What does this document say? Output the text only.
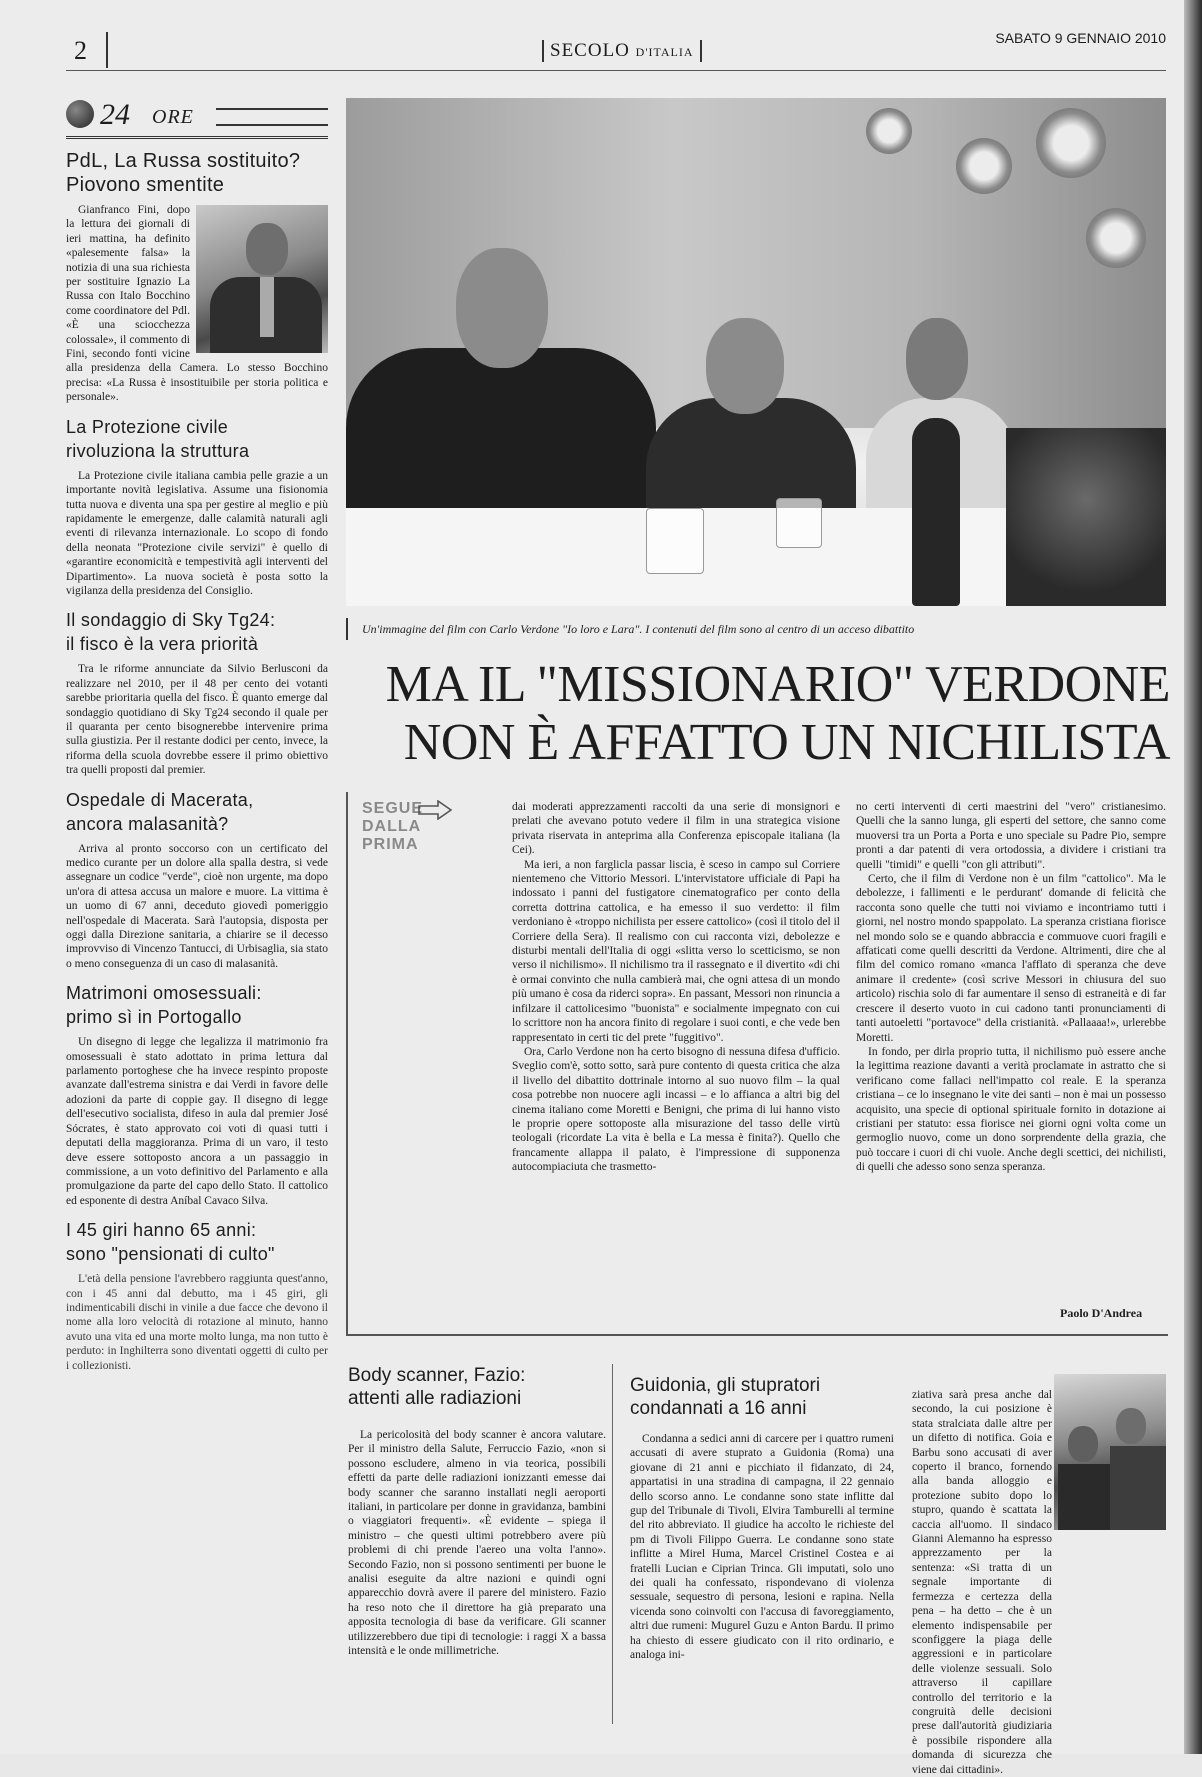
2	SECOLO D'ITALIA
SABATO 9 GENNAIO 2010
24 ORE
PdL, La Russa sostituito?
Piovono smentite

Gianfranco Fini, dopo la lettura dei giornali di ieri mattina, ha definito «palesemente falsa» la notizia di una sua richiesta per sostituire Ignazio La Russa con Italo Bocchino come coordinatore del Pdl. «È una sciocchezza colossale», il commento di Fini, secondo fonti vicine alla presidenza della Camera. Lo stesso Bocchino precisa: «La Russa è insostituibile per storia politica e personale».

La Protezione civile
rivoluziona la struttura

La Protezione civile italiana cambia pelle grazie a un importante novità legislativa. Assume una fisionomia tutta nuova e diventa una spa per gestire al meglio e più rapidamente le emergenze, dalle calamità naturali agli eventi di rilevanza internazionale. Lo scopo di fondo della neonata "Protezione civile servizi" è quello di «garantire economicità e tempestività agli interventi del Dipartimento». La nuova società è posta sotto la vigilanza della presidenza del Consiglio.

Il sondaggio di Sky Tg24:
il fisco è la vera priorità

Tra le riforme annunciate da Silvio Berlusconi da realizzare nel 2010, per il 48 per cento dei votanti sarebbe prioritaria quella del fisco. È quanto emerge dal sondaggio quotidiano di Sky Tg24 secondo il quale per il quaranta per cento bisognerebbe intervenire prima sulla giustizia. Per il restante dodici per cento, invece, la riforma della scuola dovrebbe essere il primo obiettivo tra quelli proposti dal premier.

Ospedale di Macerata,
ancora malasanità?

Arriva al pronto soccorso con un certificato del medico curante per un dolore alla spalla destra, si vede assegnare un codice "verde", cioè non urgente, ma dopo un'ora di attesa accusa un malore e muore. La vittima è un uomo di 67 anni, deceduto giovedì pomeriggio nell'ospedale di Macerata. Sarà l'autopsia, disposta per oggi dalla Direzione sanitaria, a chiarire se il decesso improvviso di Vincenzo Tantucci, di Urbisaglia, sia stato o meno conseguenza di un caso di malasanità.

Matrimoni omosessuali:
primo sì in Portogallo

Un disegno di legge che legalizza il matrimonio fra omosessuali è stato adottato in prima lettura dal parlamento portoghese che ha invece respinto proposte avanzate dall'estrema sinistra e dai Verdi in favore delle adozioni da parte di coppie gay. Il disegno di legge dell'esecutivo socialista, difeso in aula dal premier José Sócrates, è stato approvato coi voti di quasi tutti i deputati della maggioranza. Prima di un varo, il testo deve essere sottoposto ancora a un passaggio in commissione, a un voto definitivo del Parlamento e alla promulgazione da parte del capo dello Stato. Il cattolico ed esponente di destra Aníbal Cavaco Silva.

I 45 giri hanno 65 anni:
sono "pensionati di culto"

L'età della pensione l'avrebbero raggiunta quest'anno, con i 45 anni dal debutto, ma i 45 giri, gli indimenticabili dischi in vinile a due facce che devono il nome alla loro velocità di rotazione al minuto, hanno avuto una vita ed una morte molto lunga, ma non tutto è perduto: in Inghilterra sono diventati oggetti di culto per i collezionisti.

Un'immagine del film con Carlo Verdone "Io loro e Lara". I contenuti del film sono al centro di un acceso dibattito
MA IL "MISSIONARIO" VERDONE
NON È AFFATTO UN NICHILISTA
SEGUE DALLA PRIMA

dai moderati apprezzamenti raccolti da una serie di monsignori e prelati che avevano potuto vedere il film in una strategica visione privata riservata in anteprima alla Conferenza episcopale italiana (la Cei).

Ma ieri, a non farglicla passar liscia, è sceso in campo sul Corriere nientemeno che Vittorio Messori. L'intervistatore ufficiale di Papi ha indossato i panni del fustigatore cinematografico per conto della corretta dottrina cattolica, e ha emesso il suo verdetto: il film verdoniano è «troppo nichilista per essere cattolico» (così il titolo del il Corriere della Sera). Il realismo con cui racconta vizi, debolezze e disturbi mentali dell'Italia di oggi «slitta verso lo scetticismo, se non verso il nichilismo». Il nichilismo tra il rassegnato e il divertito «di chi è ormai convinto che nulla cambierà mai, che ogni attesa di un mondo più umano è cosa da riderci sopra». En passant, Messori non rinuncia a infilzare il cattolicesimo "buonista" e socialmente impegnato con cui lo scrittore non ha ancora finito di regolare i suoi conti, e che vede ben rappresentato in certi tic del prete "fuggitivo".

Ora, Carlo Verdone non ha certo bisogno di nessuna difesa d'ufficio. Sveglio com'è, sotto sotto, sarà pure contento di questa critica che alza il livello del dibattito dottrinale intorno al suo nuovo film – la qual cosa potrebbe non nuocere agli incassi – e lo affianca a altri big del cinema italiano come Moretti e Benigni, che prima di lui hanno visto le proprie opere sottoposte alla misurazione del tasso delle virtù teologali (ricordate La vita è bella e La messa è finita?). Quello che francamente allappa il palato, è l'impressione di supponenza autocompiaciuta che trasmetto-

no certi interventi di certi maestrini del "vero" cristianesimo. Quelli che la sanno lunga, gli esperti del settore, che sanno come muoversi tra un Porta a Porta e uno speciale su Padre Pio, sempre pronti a dar patenti di vera ortodossia, a dividere i cristiani tra quelli "timidi" e quelli "con gli attributi".

Certo, che il film di Verdone non è un film "cattolico". Ma le debolezze, i fallimenti e le perdurant' domande di felicità che racconta sono quelle che tutti noi viviamo e incontriamo tutti i giorni, nel nostro mondo spappolato. La speranza cristiana fiorisce nel mondo solo se e quando abbraccia e commuove cuori fragili e affaticati come quelli descritti da Verdone. Altrimenti, dire che al film del comico romano «manca l'afflato di speranza che deve animare il credente» (così scrive Messori in chiusura del suo articolo) rischia solo di far aumentare il senso di estraneità e di far crescere il deserto vuoto in cui cadono tanti pronunciamenti di tanti autoeletti "portavoce" della cristianità. «Pallaaaa!», urlerebbe Moretti.

In fondo, per dirla proprio tutta, il nichilismo può essere anche la legittima reazione davanti a verità proclamate in astratto che si verificano come fallaci nell'impatto col reale. E la speranza cristiana – ce lo insegnano le vite dei santi – non è mai un possesso acquisito, una specie di optional spirituale fornito in dotazione ai cristiani per statuto: essa fiorisce nei giorni ogni volta come un germoglio nuovo, come un dono sorprendente della grazia, che può toccare i cuori di chi vuole. Anche degli scettici, dei nichilisti, di quelli che adesso sono senza speranza.

Paolo D'Andrea
Body scanner, Fazio:
attenti alle radiazioni

La pericolosità del body scanner è ancora valutare. Per il ministro della Salute, Ferruccio Fazio, «non si possono escludere, almeno in via teorica, possibili effetti da parte delle radiazioni ionizzanti emesse dai body scanner che saranno installati negli aeroporti italiani, in particolare per donne in gravidanza, bambini o viaggiatori frequenti». «È evidente – spiega il ministro – che questi ultimi potrebbero avere più problemi di chi prende l'aereo una volta l'anno». Secondo Fazio, non si possono sentimenti per buone le analisi eseguite da altre nazioni e quindi ogni apparecchio dovrà avere il parere del ministero. Fazio ha reso noto che il direttore ha già preparato una apposita tecnologia di base da verificare. Gli scanner utilizzerebbero due tipi di tecnologie: i raggi X a bassa intensità e le onde millimetriche.

Guidonia, gli stupratori
condannati a 16 anni

Condanna a sedici anni di carcere per i quattro rumeni accusati di avere stuprato a Guidonia (Roma) una giovane di 21 anni e picchiato il fidanzato, di 24, appartatisi in una stradina di campagna, il 22 gennaio dello scorso anno. Le condanne sono state inflitte dal gup del Tribunale di Tivoli, Elvira Tamburelli al termine del rito abbreviato. Il giudice ha accolto le richieste del pm di Tivoli Filippo Guerra. Le condanne sono state inflitte a Mirel Huma, Marcel Cristinel Costea e ai fratelli Lucian e Ciprian Trinca. Gli imputati, solo uno dei quali ha confessato, rispondevano di violenza sessuale, sequestro di persona, lesioni e rapina. Nella vicenda sono coinvolti con l'accusa di favoreggiamento, altri due rumeni: Mugurel Guzu e Anton Bardu. Il primo ha chiesto di essere giudicato con il rito ordinario, e analoga ini-

ziativa sarà presa anche dal secondo, la cui posizione è stata stralciata dalle altre per un difetto di notifica. Goia e Barbu sono accusati di aver coperto il branco, fornendo alla banda alloggio e protezione subito dopo lo stupro, quando è scattata la caccia all'uomo. Il sindaco Gianni Alemanno ha espresso apprezzamento per la sentenza: «Si tratta di un segnale importante di fermezza e certezza della pena – ha detto – che è un elemento indispensabile per sconfiggere la piaga delle aggressioni e in particolare delle violenze sessuali. Solo attraverso il capillare controllo del territorio e la congruità delle decisioni prese dall'autorità giudiziaria è possibile rispondere alla domanda di sicurezza che viene dai cittadini».
